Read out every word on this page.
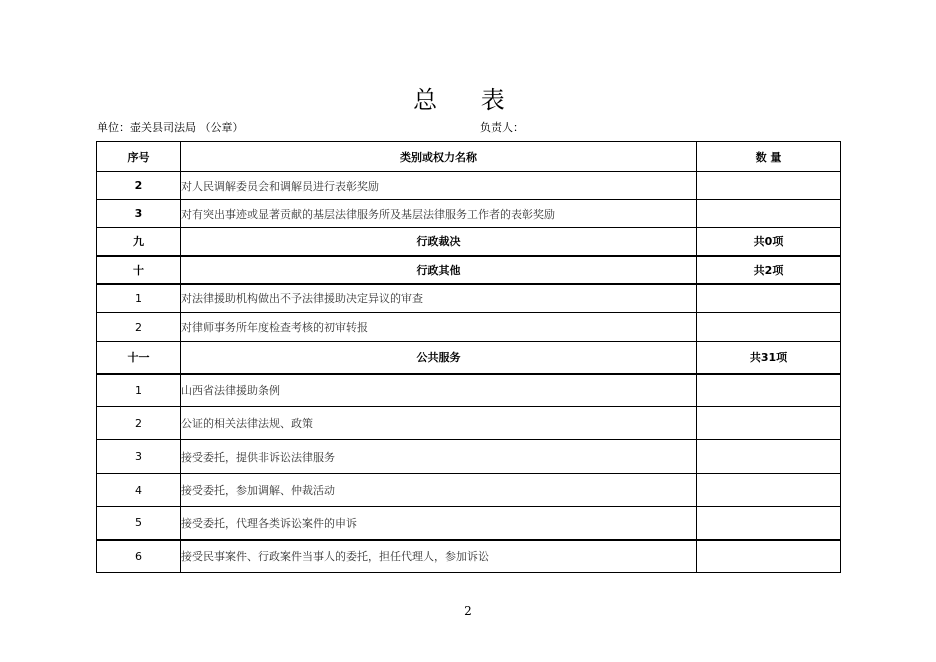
总 表
单位：壶关县司法局 （公章）	负责人：
序号	类别或权力名称	数 量
2	对人民调解委员会和调解员进行表彰奖励	
3	对有突出事迹或显著贡献的基层法律服务所及基层法律服务工作者的表彰奖励	
九	行政裁决	共0项
十	行政其他	共2项
1	对法律援助机构做出不予法律援助决定异议的审查	
2	对律师事务所年度检查考核的初审转报	
十一	公共服务	共31项
1	山西省法律援助条例	
2	公证的相关法律法规、政策	
3	接受委托，提供非诉讼法律服务	
4	接受委托，参加调解、仲裁活动	
5	接受委托，代理各类诉讼案件的申诉	
6	接受民事案件、行政案件当事人的委托，担任代理人，参加诉讼	
2
